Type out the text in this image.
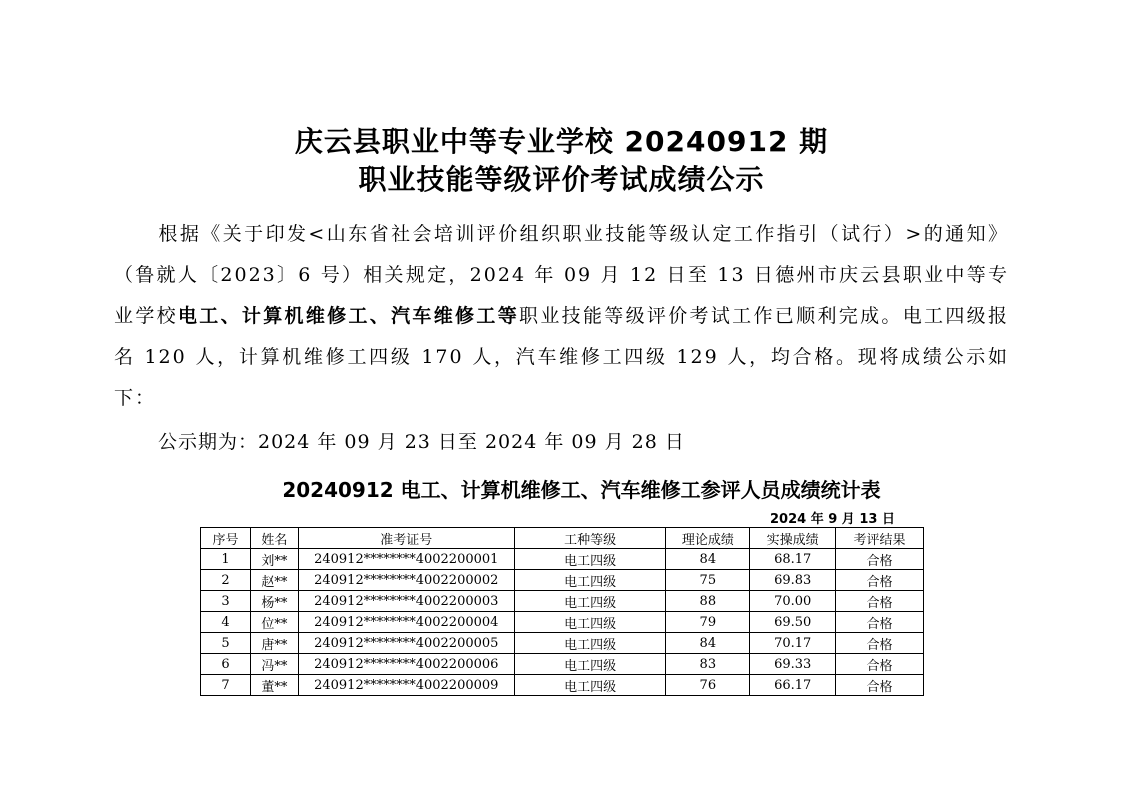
庆云县职业中等专业学校 20240912 期
职业技能等级评价考试成绩公示

根据《关于印发<山东省社会培训评价组织职业技能等级认定工作指引（试行）>的通知》（鲁就人〔2023〕6 号）相关规定，2024 年 09 月 12 日至 13 日德州市庆云县职业中等专业学校电工、计算机维修工、汽车维修工等职业技能等级评价考试工作已顺利完成。电工四级报名 120 人，计算机维修工四级 170 人，汽车维修工四级 129 人，均合格。现将成绩公示如下：

公示期为：2024 年 09 月 23 日至 2024 年 09 月 28 日
20240912 电工、计算机维修工、汽车维修工参评人员成绩统计表
2024 年 9 月 13 日
序号	姓名	准考证号	工种等级	理论成绩	实操成绩	考评结果
1	刘**	240912********4002200001	电工四级	84	68.17	合格
2	赵**	240912********4002200002	电工四级	75	69.83	合格
3	杨**	240912********4002200003	电工四级	88	70.00	合格
4	位**	240912********4002200004	电工四级	79	69.50	合格
5	唐**	240912********4002200005	电工四级	84	70.17	合格
6	冯**	240912********4002200006	电工四级	83	69.33	合格
7	董**	240912********4002200009	电工四级	76	66.17	合格
